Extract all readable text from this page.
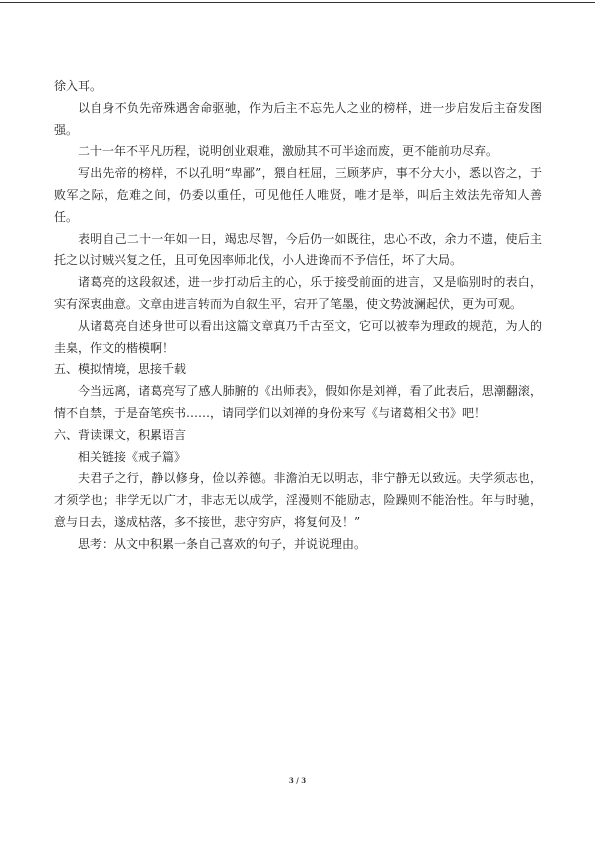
徐入耳。

以自身不负先帝殊遇舍命驱驰，作为后主不忘先人之业的榜样，进一步启发后主奋发图强。

二十一年不平凡历程，说明创业艰难，激励其不可半途而废，更不能前功尽弃。

写出先帝的榜样，不以孔明“卑鄙”，猥自枉屈，三顾茅庐，事不分大小，悉以咨之，于败军之际，危难之间，仍委以重任，可见他任人唯贤，唯才是举，叫后主效法先帝知人善任。

表明自己二十一年如一日，竭忠尽智，今后仍一如既往，忠心不改，余力不遗，使后主托之以讨贼兴复之任，且可免因率师北伐，小人进谗而不予信任，坏了大局。

诸葛亮的这段叙述，进一步打动后主的心，乐于接受前面的进言，又是临别时的表白，实有深衷曲意。文章由进言转而为自叙生平，宕开了笔墨，使文势波澜起伏，更为可观。

从诸葛亮自述身世可以看出这篇文章真乃千古至文，它可以被奉为理政的规范，为人的圭臬，作文的楷模啊！

五、模拟情境，思接千载

今当远离，诸葛亮写了感人肺腑的《出师表》，假如你是刘禅，看了此表后，思潮翻滚，情不自禁，于是奋笔疾书……，请同学们以刘禅的身份来写《与诸葛相父书》吧！

六、背读课文，积累语言

相关链接《戒子篇》

夫君子之行，静以修身，俭以养德。非澹泊无以明志，非宁静无以致远。夫学须志也，才须学也；非学无以广才，非志无以成学，淫漫则不能励志，险躁则不能治性。年与时驰，意与日去，遂成枯落，多不接世，悲守穷庐，将复何及！”

思考：从文中积累一条自己喜欢的句子，并说说理由。

3 / 3
